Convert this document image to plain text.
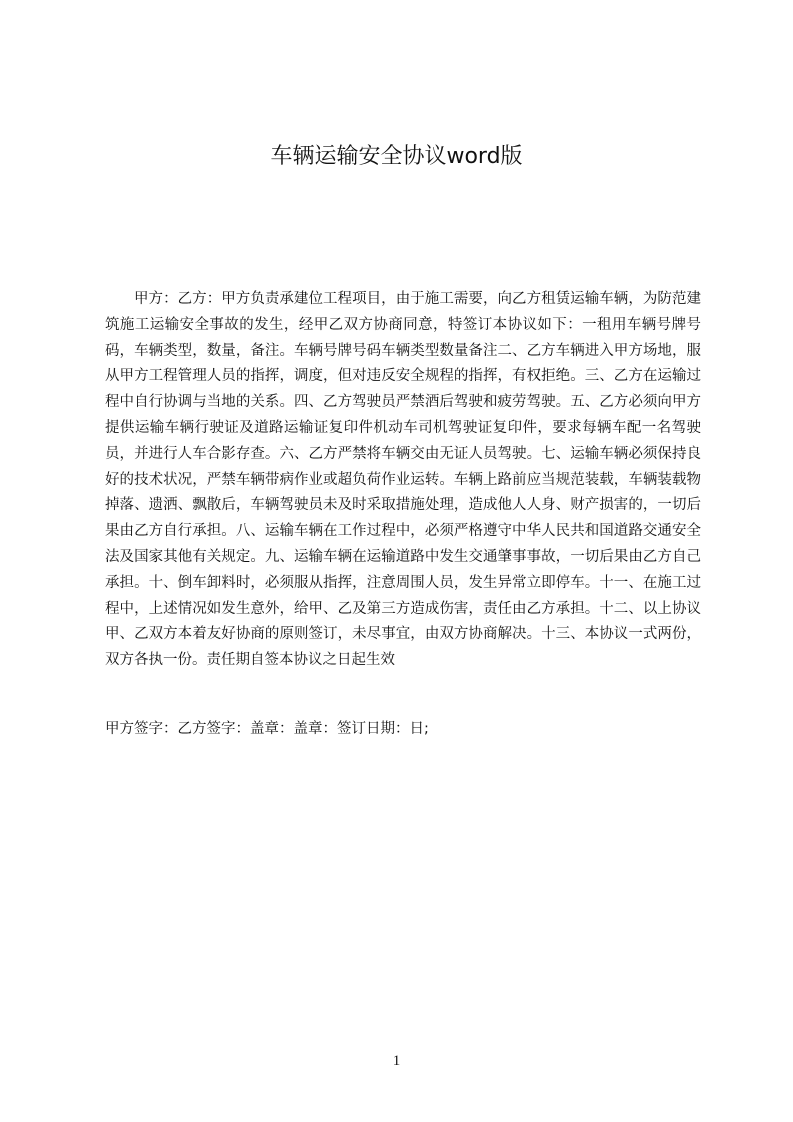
车辆运输安全协议word版

甲方：乙方：甲方负责承建位工程项目，由于施工需要，向乙方租赁运输车辆，为防范建筑施工运输安全事故的发生，经甲乙双方协商同意，特签订本协议如下：一租用车辆号牌号码，车辆类型，数量，备注。车辆号牌号码车辆类型数量备注二、乙方车辆进入甲方场地，服从甲方工程管理人员的指挥，调度，但对违反安全规程的指挥，有权拒绝。三、乙方在运输过程中自行协调与当地的关系。四、乙方驾驶员严禁酒后驾驶和疲劳驾驶。五、乙方必须向甲方提供运输车辆行驶证及道路运输证复印件机动车司机驾驶证复印件，要求每辆车配一名驾驶员，并进行人车合影存查。六、乙方严禁将车辆交由无证人员驾驶。七、运输车辆必须保持良好的技术状况，严禁车辆带病作业或超负荷作业运转。车辆上路前应当规范装载，车辆装载物掉落、遗洒、飘散后，车辆驾驶员未及时采取措施处理，造成他人人身、财产损害的，一切后果由乙方自行承担。八、运输车辆在工作过程中，必须严格遵守中华人民共和国道路交通安全法及国家其他有关规定。九、运输车辆在运输道路中发生交通肇事事故，一切后果由乙方自己承担。十、倒车卸料时，必须服从指挥，注意周围人员，发生异常立即停车。十一、在施工过程中，上述情况如发生意外，给甲、乙及第三方造成伤害，责任由乙方承担。十二、以上协议甲、乙双方本着友好协商的原则签订，未尽事宜，由双方协商解决。十三、本协议一式两份，双方各执一份。责任期自签本协议之日起生效

甲方签字：乙方签字：盖章：盖章：签订日期：日;

1
